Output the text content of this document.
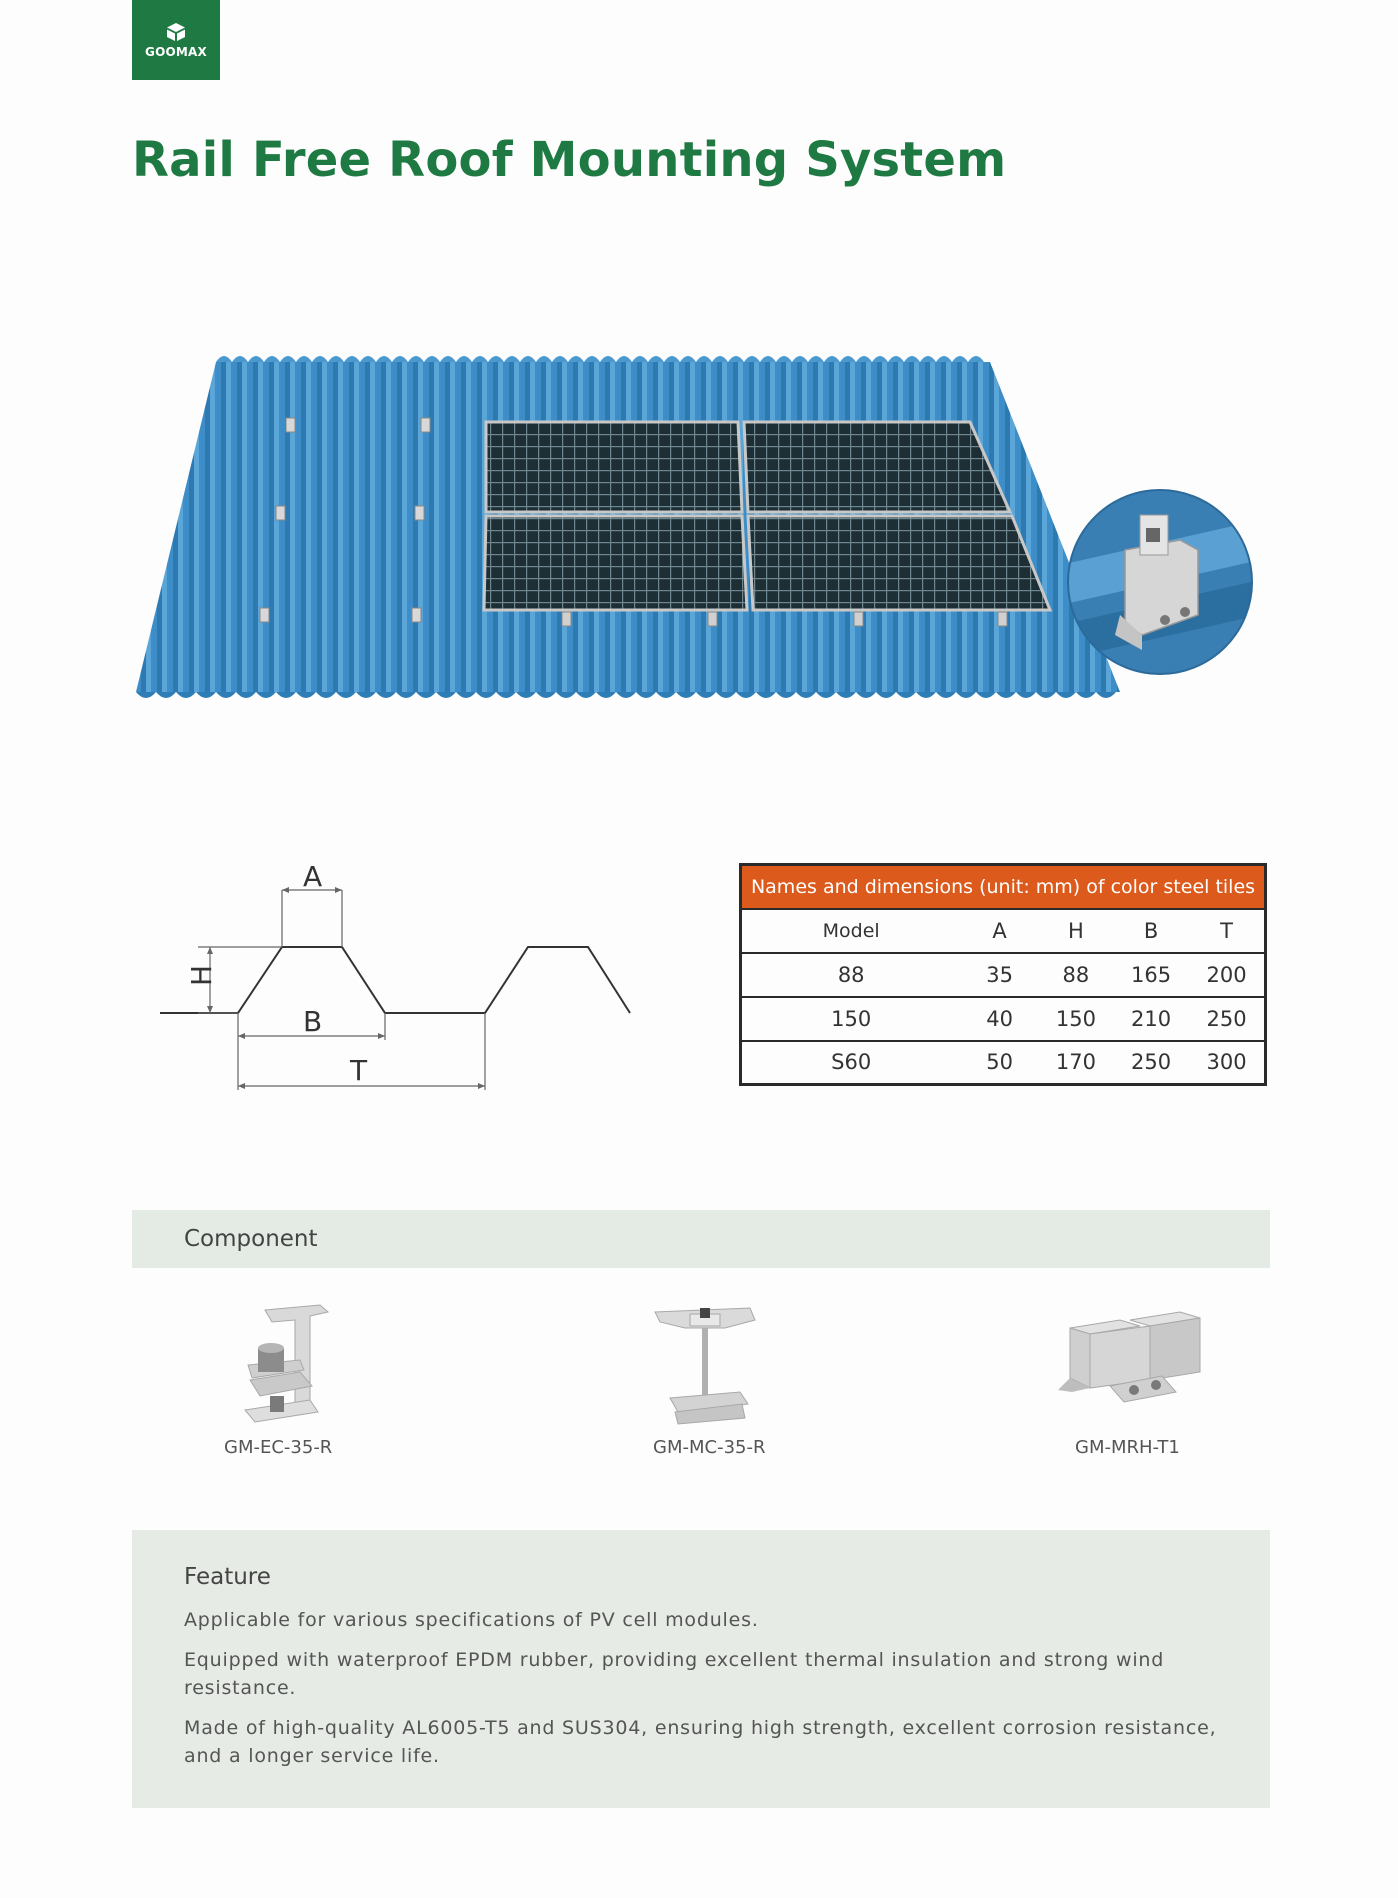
GOOMAX
Rail Free Roof Mounting System
A
H
B
T
Names and dimensions (unit: mm) of color steel tiles				
Model	A	H	B	T
88	35	88	165	200
150	40	150	210	250
S60	50	170	250	300
Component
GM-EC-35-R	GM-MC-35-R	GM-MRH-T1
Feature
Applicable for various specifications of PV cell modules.
Equipped with waterproof EPDM rubber, providing excellent thermal insulation and strong wind resistance.
Made of high-quality AL6005-T5 and SUS304, ensuring high strength, excellent corrosion resistance, and a longer service life.
